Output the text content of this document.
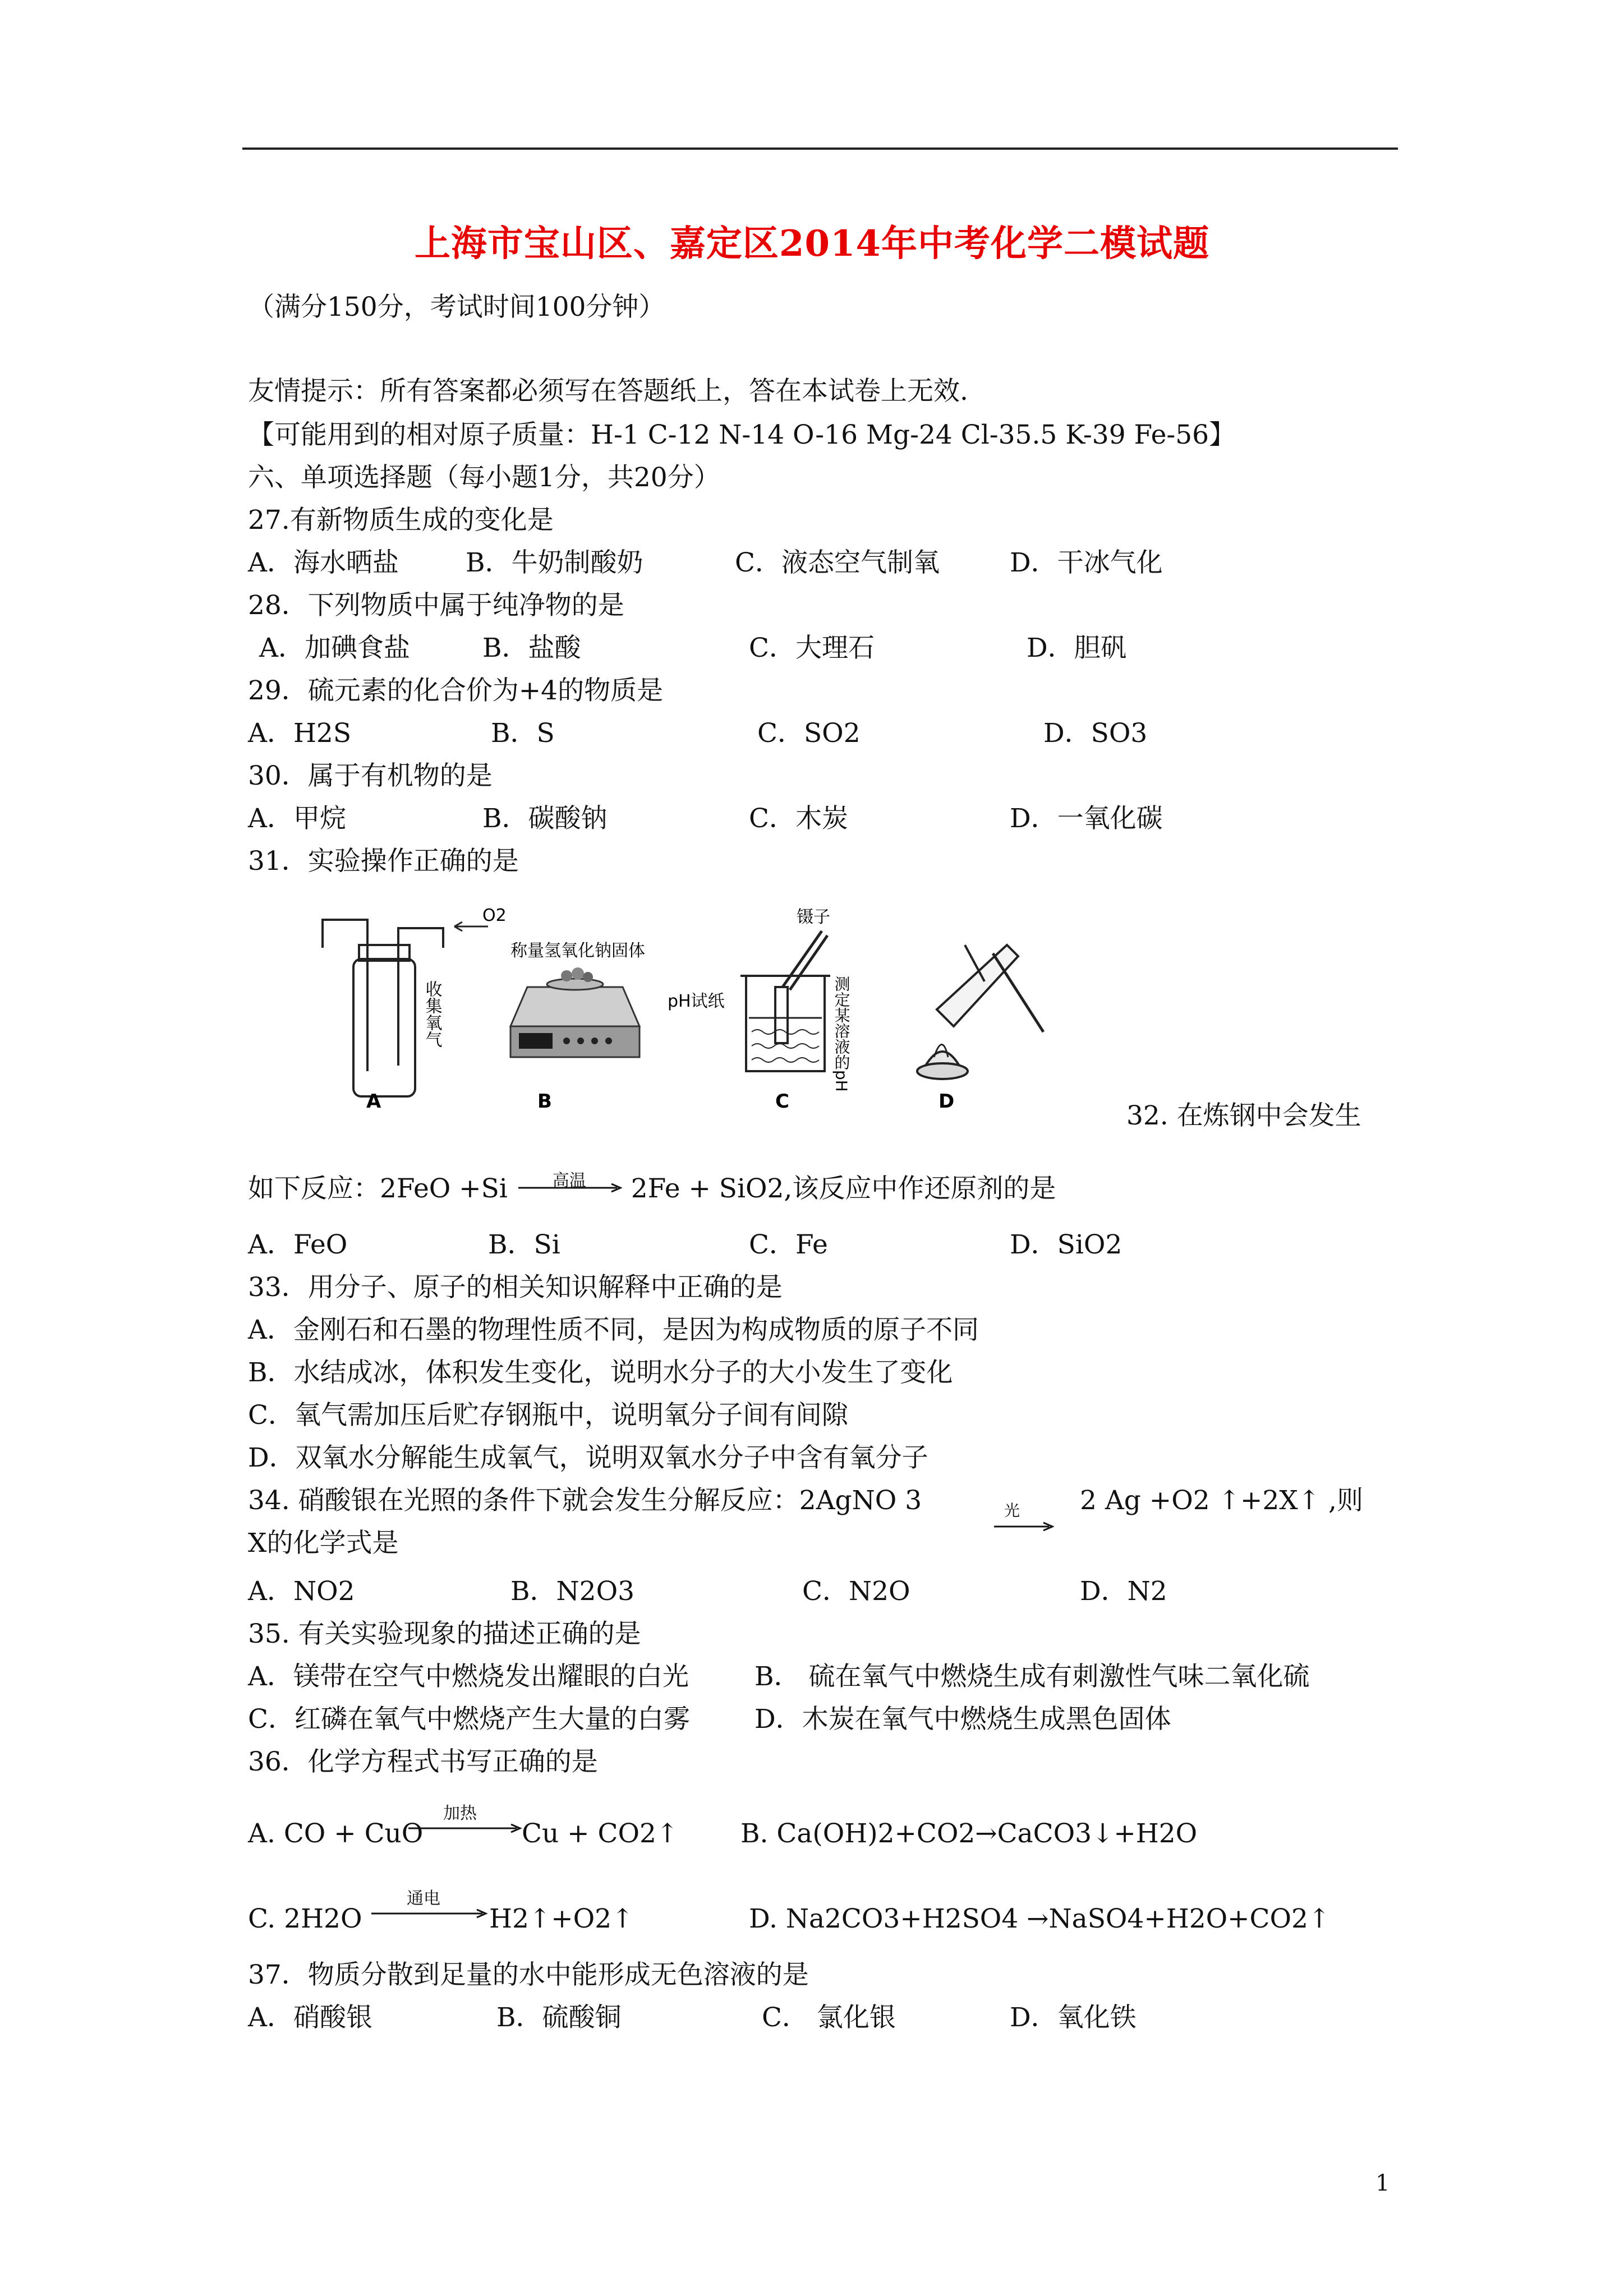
上海市宝山区、嘉定区2014年中考化学二模试题
（满分150分，考试时间100分钟）
友情提示：所有答案都必须写在答题纸上，答在本试卷上无效.
【可能用到的相对原子质量：H-1 C-12 N-14 O-16 Mg-24 Cl-35.5 K-39 Fe-56】
六、单项选择题（每小题1分，共20分）
27.有新物质生成的变化是
A．海水晒盐	B．牛奶制酸奶	C．液态空气制氧	D．干冰气化
28．下列物质中属于纯净物的是
A．加碘食盐	B．盐酸	C．大理石	D．胆矾
29．硫元素的化合价为+4的物质是
A．H2S	B．S	C．SO2	D．SO3
30．属于有机物的是
A．甲烷	B．碳酸钠	C．木炭	D．一氧化碳
31．实验操作正确的是
O2
收集氧气
A
称量氢氧化钠固体
B
镊子
pH试纸	测定某溶液的pH
C	D	32. 在炼钢中会发生
如下反应：2FeO +Si	高温	2Fe + SiO2,该反应中作还原剂的是
A．FeO	B．Si	C．Fe	D．SiO2
33．用分子、原子的相关知识解释中正确的是
A．金刚石和石墨的物理性质不同，是因为构成物质的原子不同
B．水结成冰，体积发生变化，说明水分子的大小发生了变化
C．氧气需加压后贮存钢瓶中，说明氧分子间有间隙
D．双氧水分解能生成氧气，说明双氧水分子中含有氧分子
34. 硝酸银在光照的条件下就会发生分解反应：2AgNO 3	光 2 Ag +O2 ↑+2X↑ ,则
X的化学式是
A．NO2	B．N2O3	C．N2O	D．N2
35. 有关实验现象的描述正确的是
A．镁带在空气中燃烧发出耀眼的白光 B． 硫在氧气中燃烧生成有刺激性气味二氧化硫
C．红磷在氧气中燃烧产生大量的白雾 D．木炭在氧气中燃烧生成黑色固体
36．化学方程式书写正确的是
A. CO + CuO
加热
Cu + CO2↑ B. Ca(OH)2+CO2→CaCO3↓+H2O
C. 2H2O
通电
H2↑+O2↑	D. Na2CO3+H2SO4 →NaSO4+H2O+CO2↑
37．物质分散到足量的水中能形成无色溶液的是
A．硝酸银	B．硫酸铜	C． 氯化银	D．氧化铁
1
